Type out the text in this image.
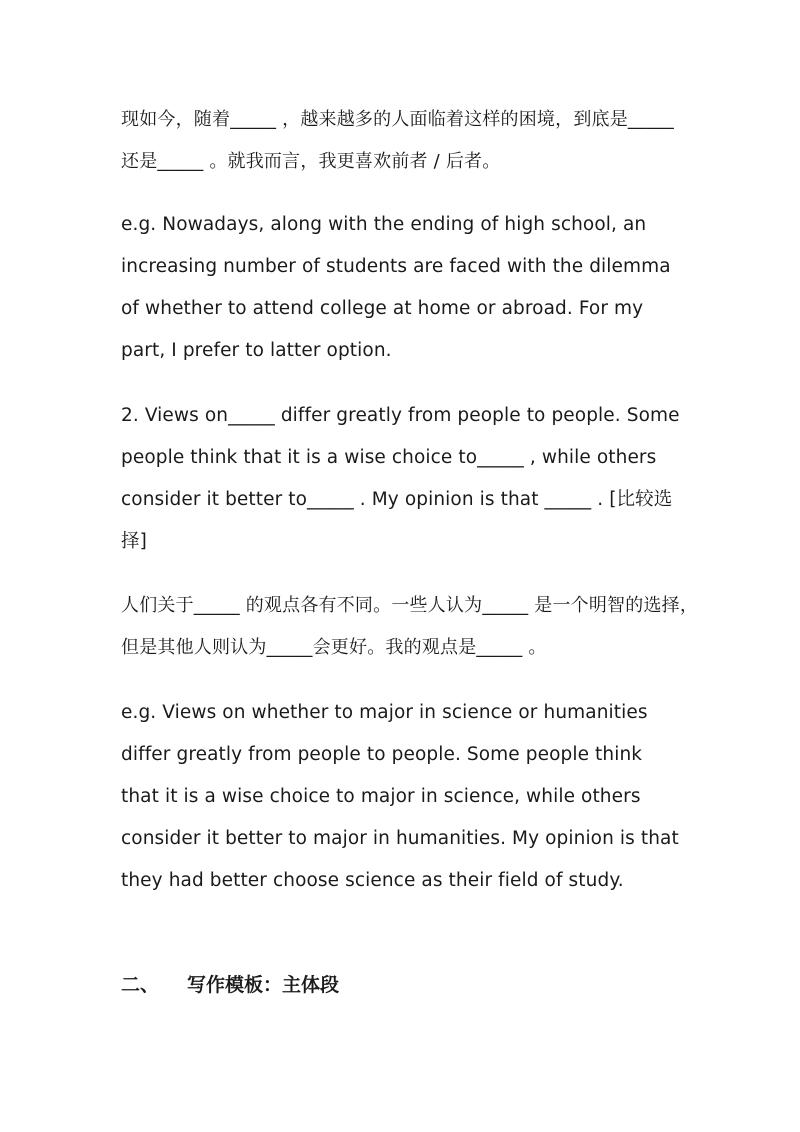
现如今，随着_____ ，越来越多的人面临着这样的困境，到底是_____
还是_____ 。就我而言，我更喜欢前者 / 后者。
e.g. Nowadays, along with the ending of high school, an
increasing number of students are faced with the dilemma
of whether to attend college at home or abroad. For my
part, I prefer to latter option.
2. Views on_____ differ greatly from people to people. Some
people think that it is a wise choice to_____ , while others
consider it better to_____ . My opinion is that _____ . [比较选
择]
人们关于_____ 的观点各有不同。一些人认为_____ 是一个明智的选择，
但是其他人则认为_____会更好。我的观点是_____ 。
e.g. Views on whether to major in science or humanities
differ greatly from people to people. Some people think
that it is a wise choice to major in science, while others
consider it better to major in humanities. My opinion is that
they had better choose science as their field of study.
二、 写作模板：主体段
